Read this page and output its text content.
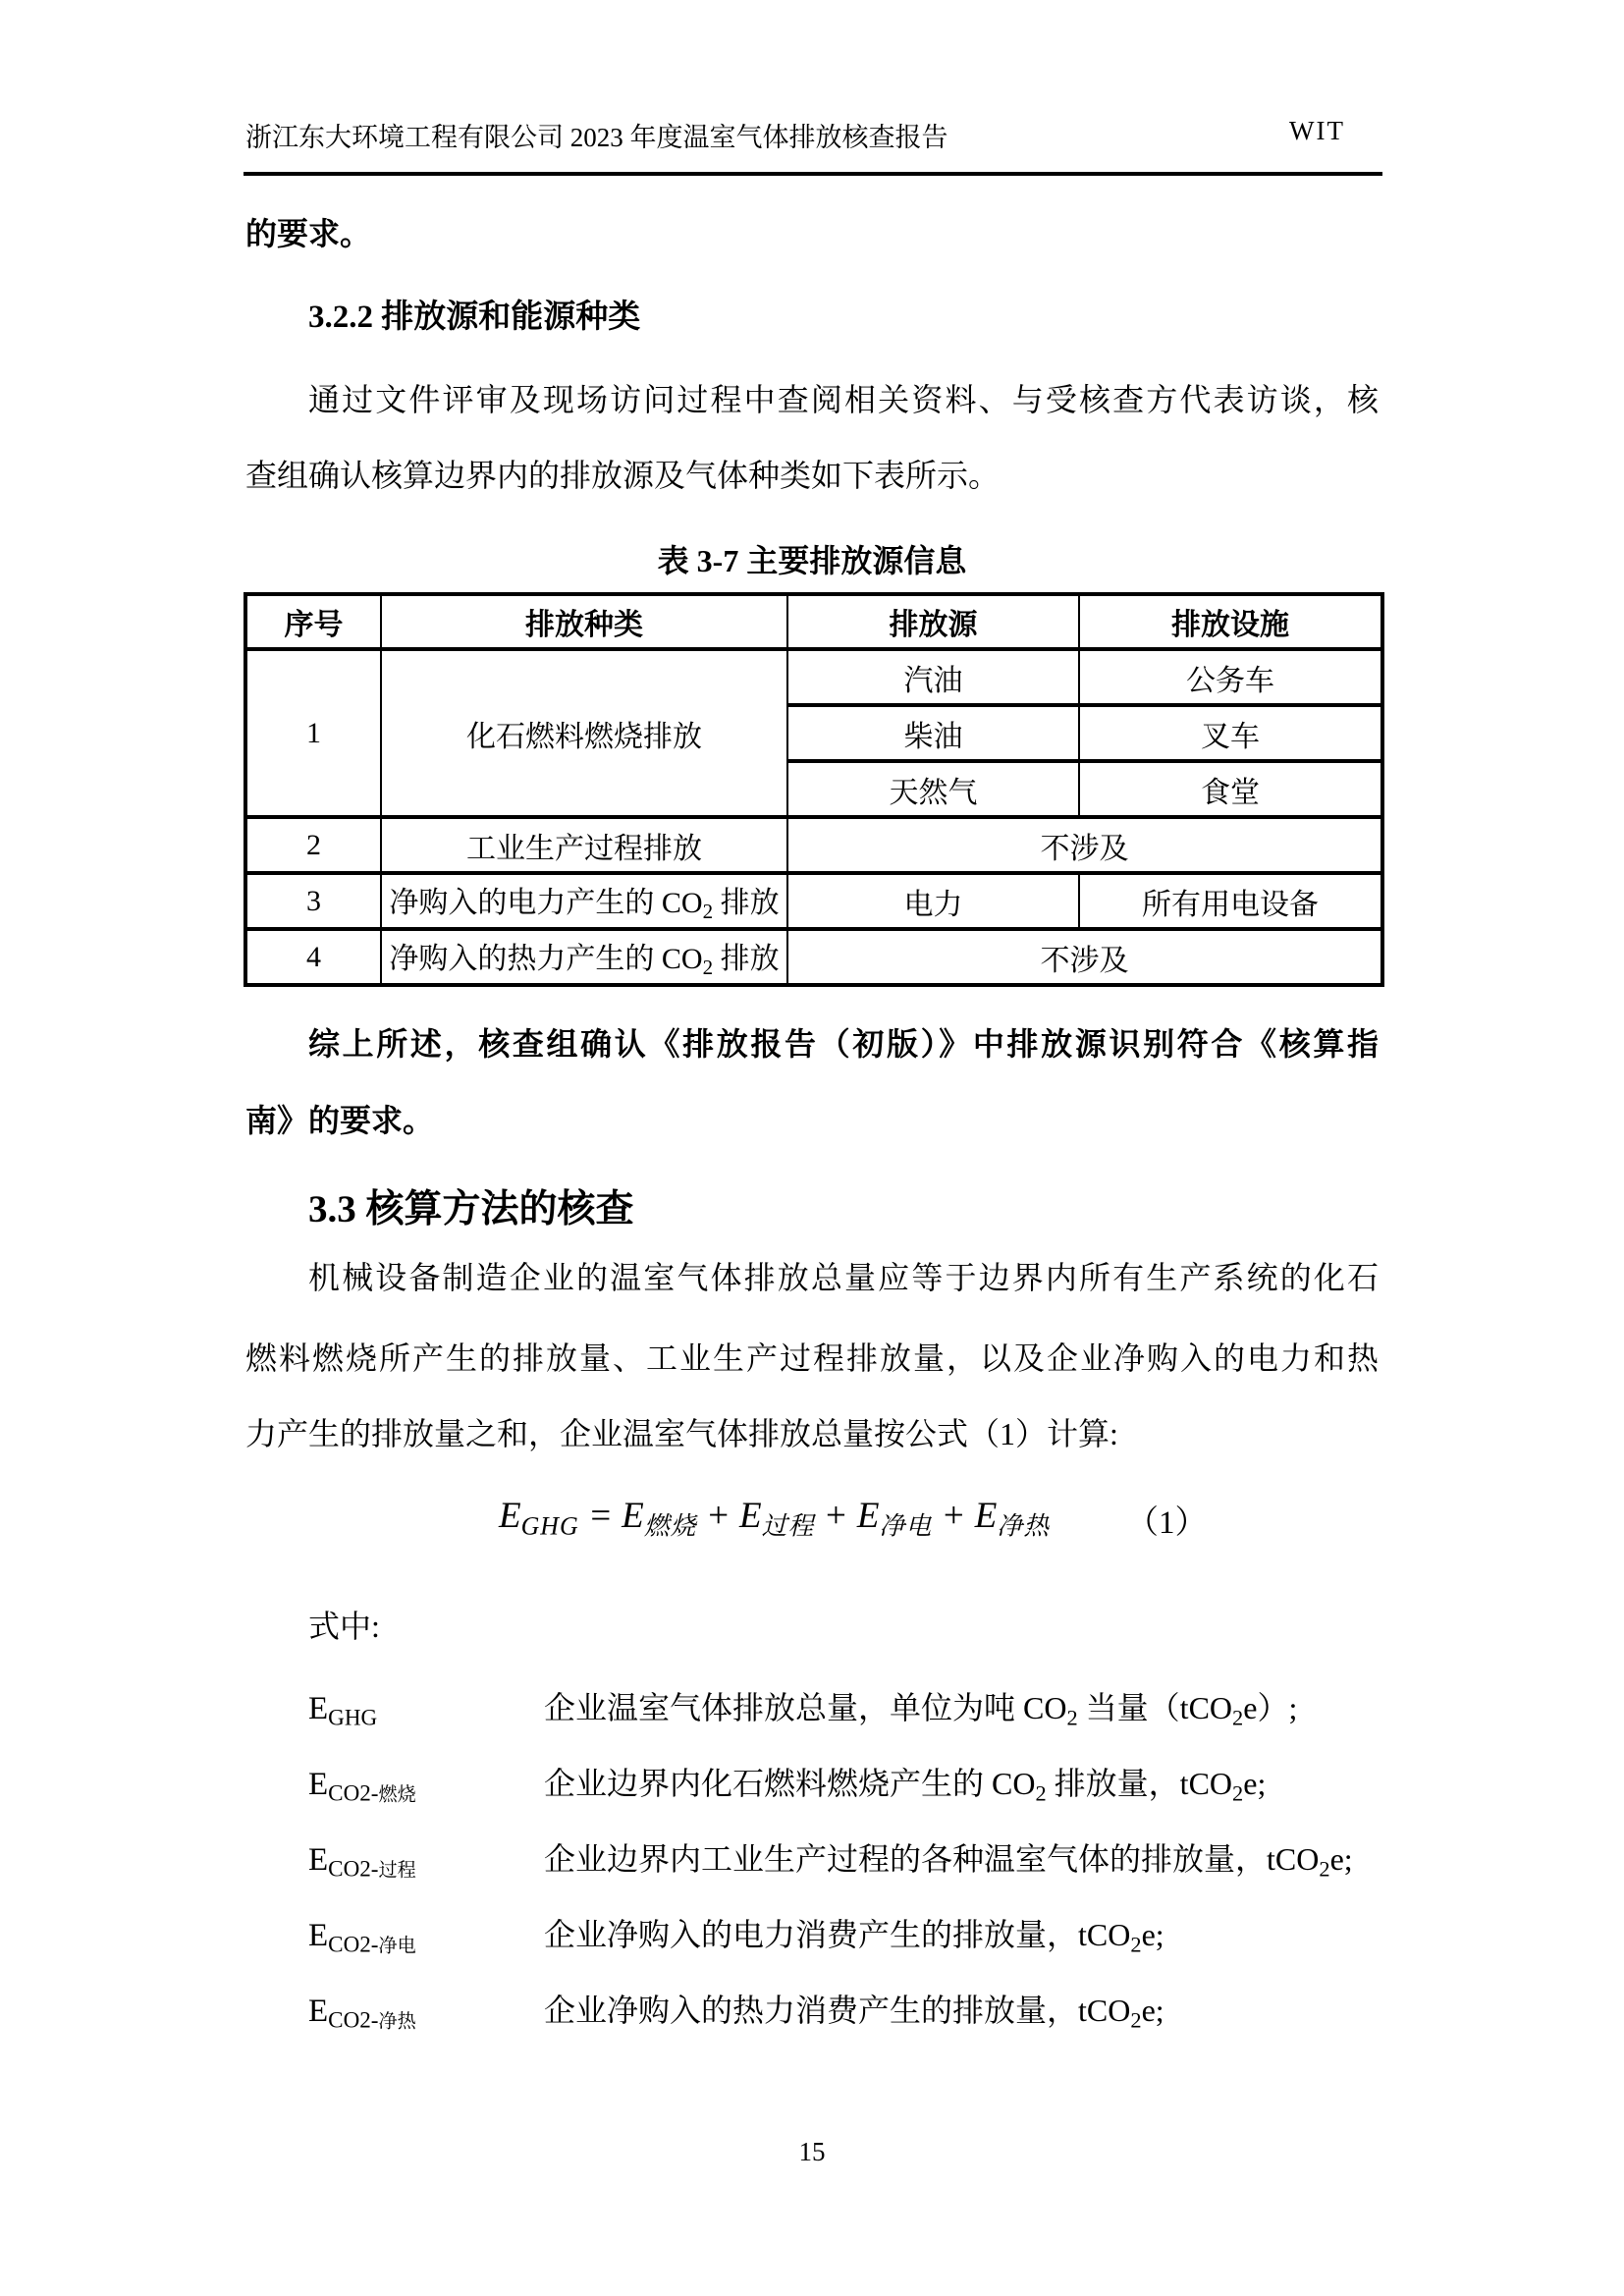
浙江东大环境工程有限公司 2023 年度温室气体排放核查报告	WIT
的要求。
3.2.2 排放源和能源种类
通过文件评审及现场访问过程中查阅相关资料、与受核查方代表访谈，核
查组确认核算边界内的排放源及气体种类如下表所示。
表 3-7 主要排放源信息
序号	排放种类	排放源	排放设施
1	化石燃料燃烧排放	汽油	公务车
		柴油	叉车
		天然气	食堂
2	工业生产过程排放	不涉及	
3	净购入的电力产生的 CO2 排放	电力	所有用电设备
4	净购入的热力产生的 CO2 排放	不涉及	
综上所述，核查组确认《排放报告（初版）》中排放源识别符合《核算指
南》的要求。
3.3 核算方法的核查
机械设备制造企业的温室气体排放总量应等于边界内所有生产系统的化石
燃料燃烧所产生的排放量、工业生产过程排放量，以及企业净购入的电力和热
力产生的排放量之和，企业温室气体排放总量按公式（1）计算:
EGHG = E燃烧 + E过程 + E净电 + E净热 （1）
式中:
EGHG	企业温室气体排放总量，单位为吨 CO2 当量（tCO2e）;
ECO2-燃烧	企业边界内化石燃料燃烧产生的 CO2 排放量，tCO2e;
ECO2-过程	企业边界内工业生产过程的各种温室气体的排放量，tCO2e;
ECO2-净电	企业净购入的电力消费产生的排放量，tCO2e;
ECO2-净热	企业净购入的热力消费产生的排放量，tCO2e;
15
